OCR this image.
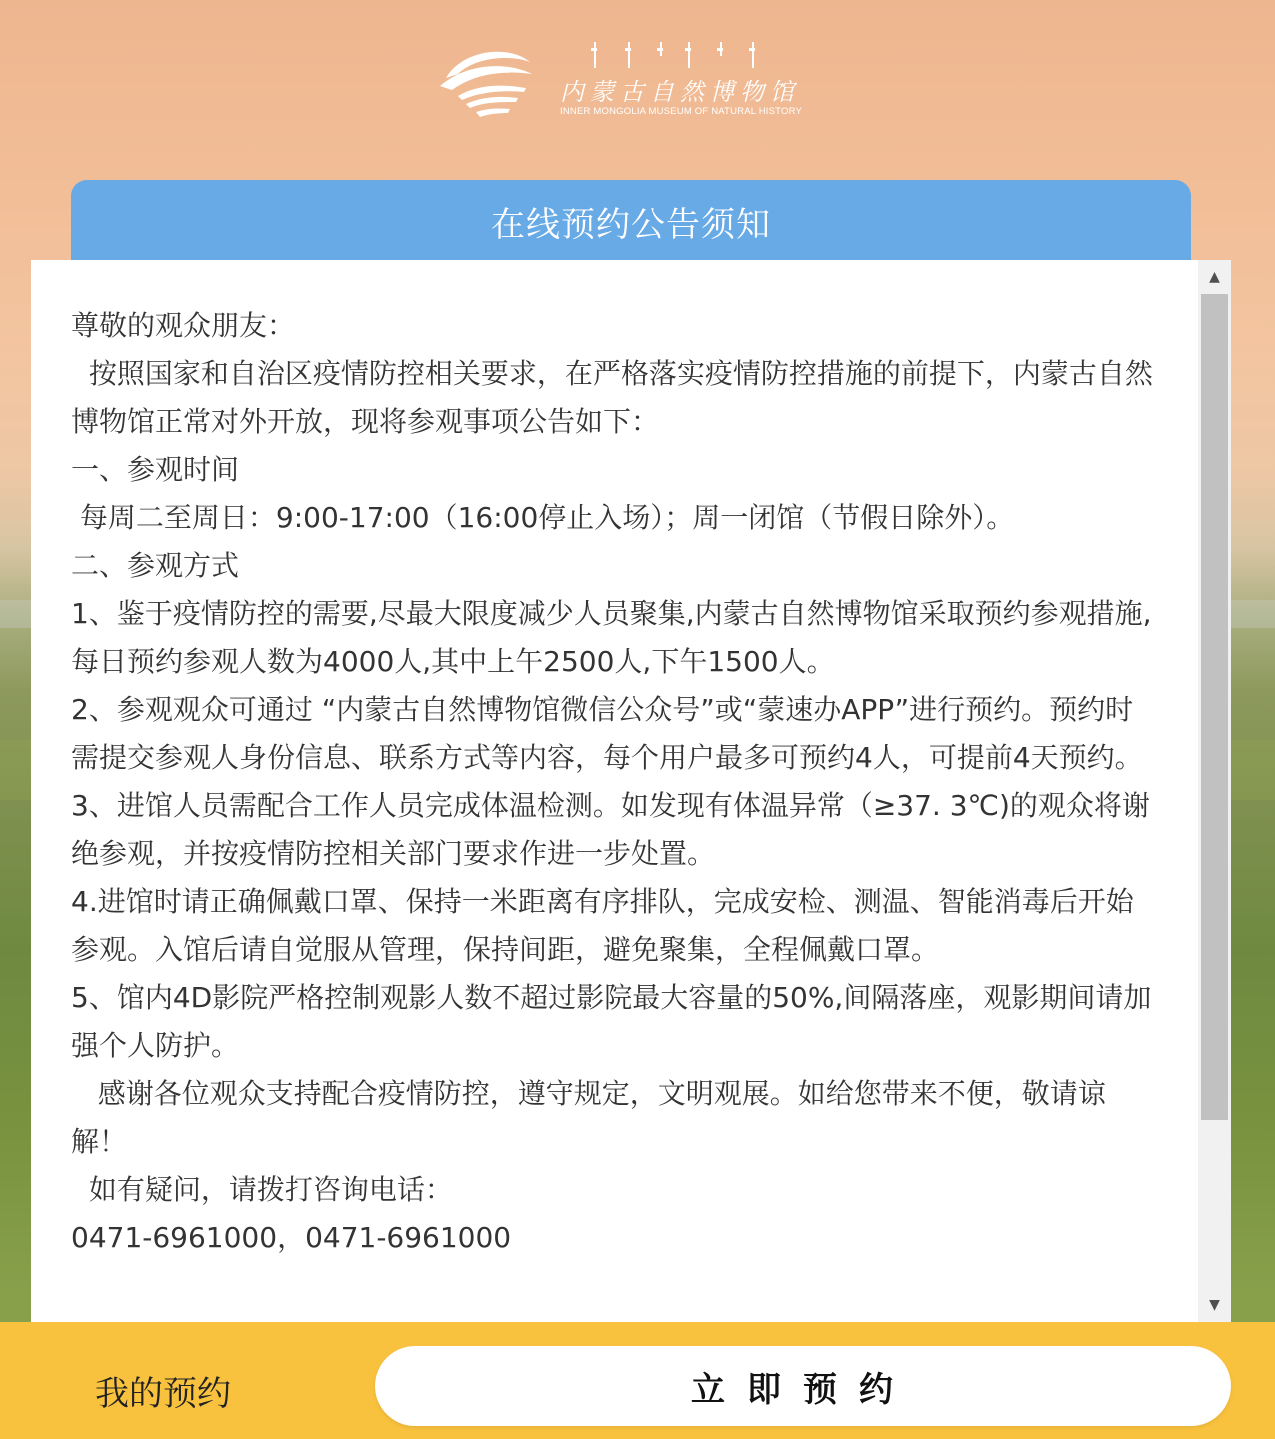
内蒙古自然博物馆
INNER MONGOLIA MUSEUM OF NATURAL HISTORY
在线预约公告须知

尊敬的观众朋友：

按照国家和自治区疫情防控相关要求，在严格落实疫情防控措施的前提下，内蒙古自然博物馆正常对外开放，现将参观事项公告如下：

一、参观时间

每周二至周日：9:00-17:00（16:00停止入场）；周一闭馆（节假日除外）。

二、参观方式

1、鉴于疫情防控的需要,尽最大限度减少人员聚集,内蒙古自然博物馆采取预约参观措施,每日预约参观人数为4000人,其中上午2500人,下午1500人。

2、参观观众可通过 “内蒙古自然博物馆微信公众号”或“蒙速办APP”进行预约。预约时需提交参观人身份信息、联系方式等内容，每个用户最多可预约4人，可提前4天预约。

3、进馆人员需配合工作人员完成体温检测。如发现有体温异常（≥37. 3℃)的观众将谢绝参观，并按疫情防控相关部门要求作进一步处置。

4.进馆时请正确佩戴口罩、保持一米距离有序排队，完成安检、测温、智能消毒后开始参观。入馆后请自觉服从管理，保持间距，避免聚集，全程佩戴口罩。

5、馆内4D影院严格控制观影人数不超过影院最大容量的50%,间隔落座，观影期间请加强个人防护。

感谢各位观众支持配合疫情防控，遵守规定，文明观展。如给您带来不便，敬请谅解！

如有疑问，请拨打咨询电话：

0471-6961000，0471-6961000

▲
▼
我的预约	立即预约
